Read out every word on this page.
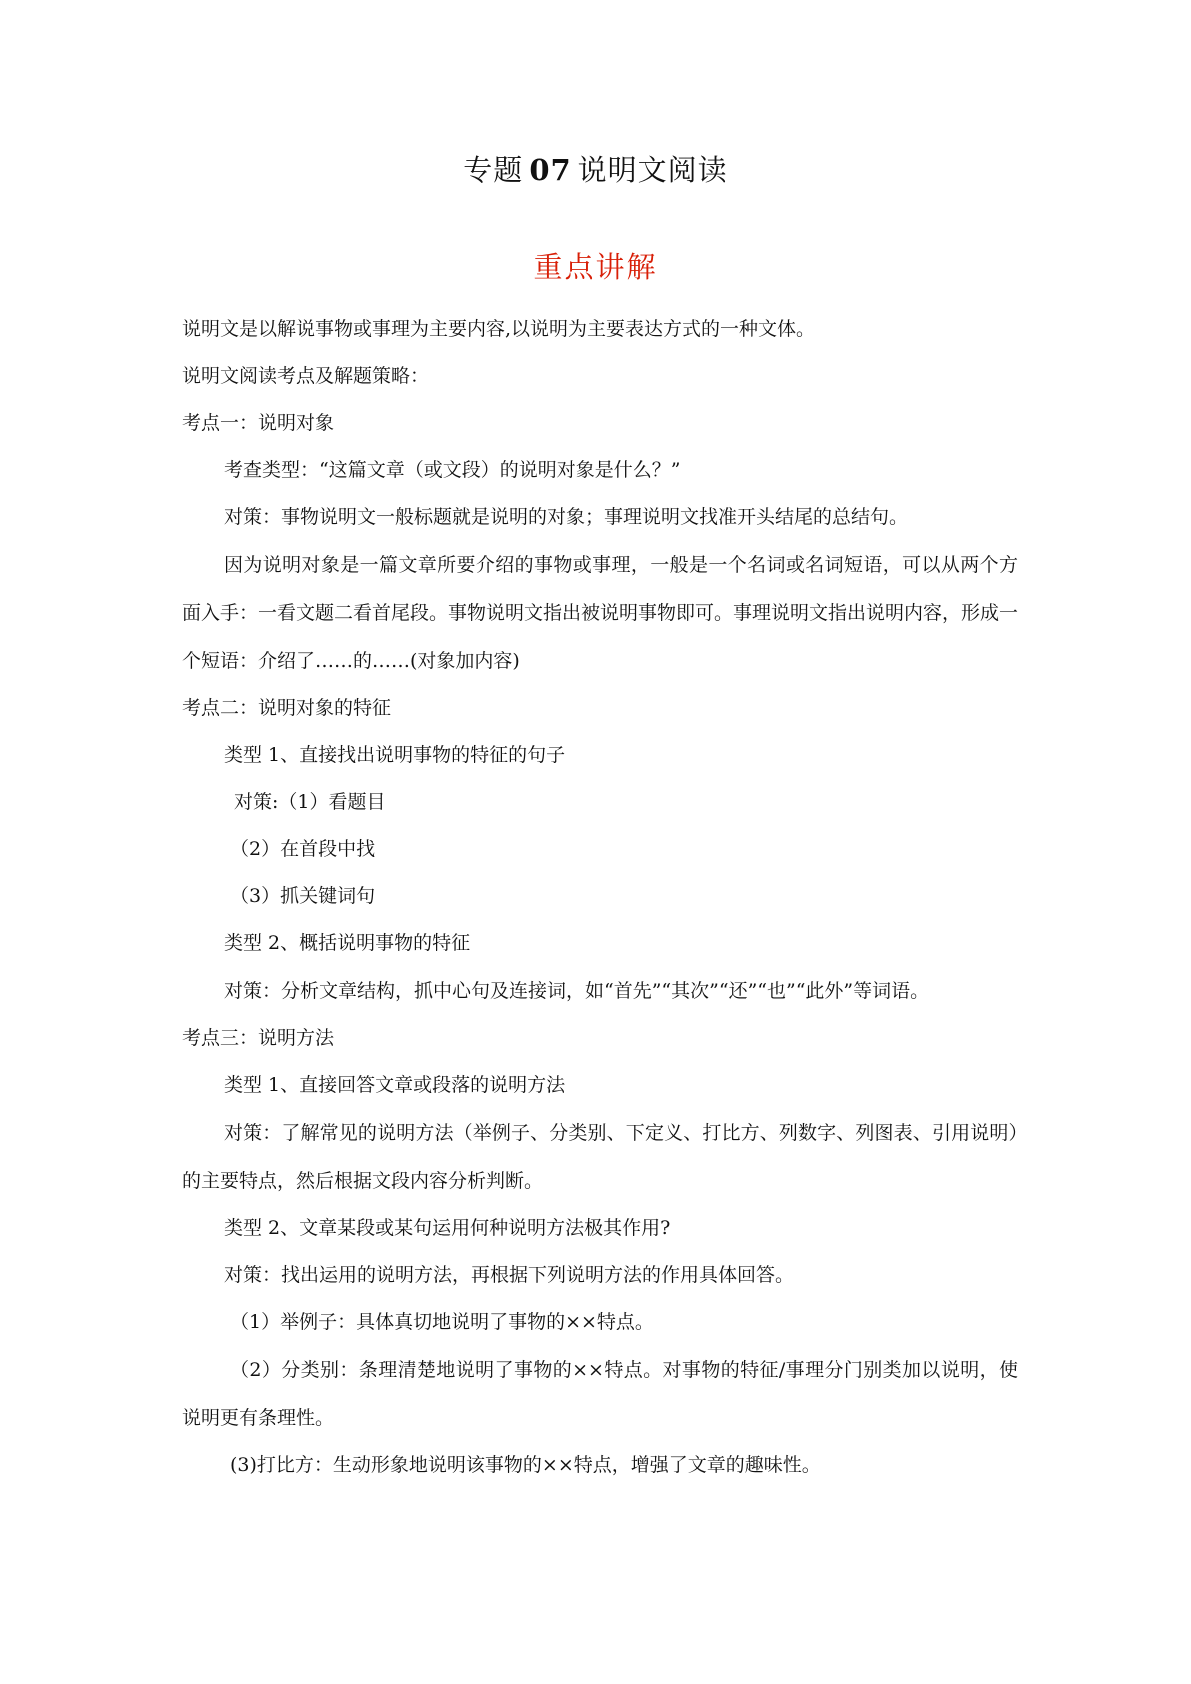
专题 07 说明文阅读
重点讲解

说明文是以解说事物或事理为主要内容,以说明为主要表达方式的一种文体。

说明文阅读考点及解题策略：

考点一：说明对象

考查类型：“这篇文章（或文段）的说明对象是什么？”

对策：事物说明文一般标题就是说明的对象；事理说明文找准开头结尾的总结句。

因为说明对象是一篇文章所要介绍的事物或事理，一般是一个名词或名词短语，可以从两个方面入手：一看文题二看首尾段。事物说明文指出被说明事物即可。事理说明文指出说明内容，形成一个短语：介绍了……的……(对象加内容)

考点二：说明对象的特征

类型 1、直接找出说明事物的特征的句子

对策:（1）看题目

（2）在首段中找

（3）抓关键词句

类型 2、概括说明事物的特征

对策：分析文章结构，抓中心句及连接词，如“首先”“其次”“还”“也”“此外”等词语。

考点三：说明方法

类型 1、直接回答文章或段落的说明方法

对策：了解常见的说明方法（举例子、分类别、下定义、打比方、列数字、列图表、引用说明）的主要特点，然后根据文段内容分析判断。

类型 2、文章某段或某句运用何种说明方法极其作用?

对策：找出运用的说明方法，再根据下列说明方法的作用具体回答。

（1）举例子：具体真切地说明了事物的××特点。

（2）分类别：条理清楚地说明了事物的××特点。对事物的特征/事理分门别类加以说明，使说明更有条理性。

(3)打比方：生动形象地说明该事物的××特点，增强了文章的趣味性。
